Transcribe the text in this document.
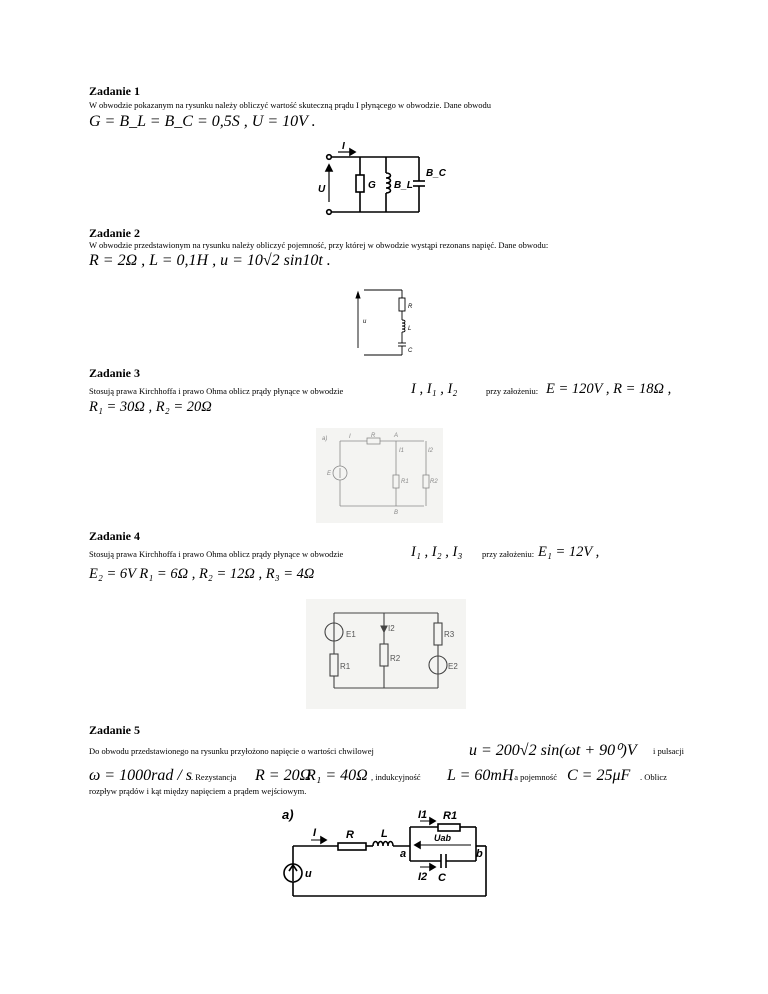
Zadanie 1
W obwodzie pokazanym na rysunku należy obliczyć wartość skuteczną prądu I płynącego w obwodzie. Dane obwodu
G = B_L = B_C = 0,5S , U = 10V .
I
U	G B_L
B_C
Zadanie 2
W obwodzie przedstawionym na rysunku należy obliczyć pojemność, przy której w obwodzie wystąpi rezonans napięć. Dane obwodu:
R = 2Ω , L = 0,1H , u = 10√2 sin10t .
u
R
L
C
Zadanie 3
Stosują prawa Kirchhoffa i prawo Ohma oblicz prądy płynące w obwodzie	I , I₁ , I₂	przy założeniu: E = 120V , R = 18Ω ,
R₁ = 30Ω , R₂ = 20Ω
a)	I	R	A
I1	I2
E
R1	R2
B
Zadanie 4
Stosują prawa Kirchhoffa i prawo Ohma oblicz prądy płynące w obwodzie	I₁ , I₂ , I₃ przy założeniu: E₁ = 12V ,
E₂ = 6V R₁ = 6Ω , R₂ = 12Ω , R₃ = 4Ω
E1
I2
R3
R1
R2
E2
Zadanie 5
Do obwodu przedstawionego na rysunku przyłożono napięcie o wartości chwilowej	u = 200√2 sin(ωt + 90⁰)V i pulsacji
ω = 1000rad / s . Rezystancja R = 20Ω
R₁ = 40Ω , indukcyjność L = 60mH
, a pojemność C = 25μF . Oblicz
rozpływ prądów i kąt między napięciem a prądem wejściowym.
a)
I	R L
I1 R1
Uab
a	b
I2 C
u
